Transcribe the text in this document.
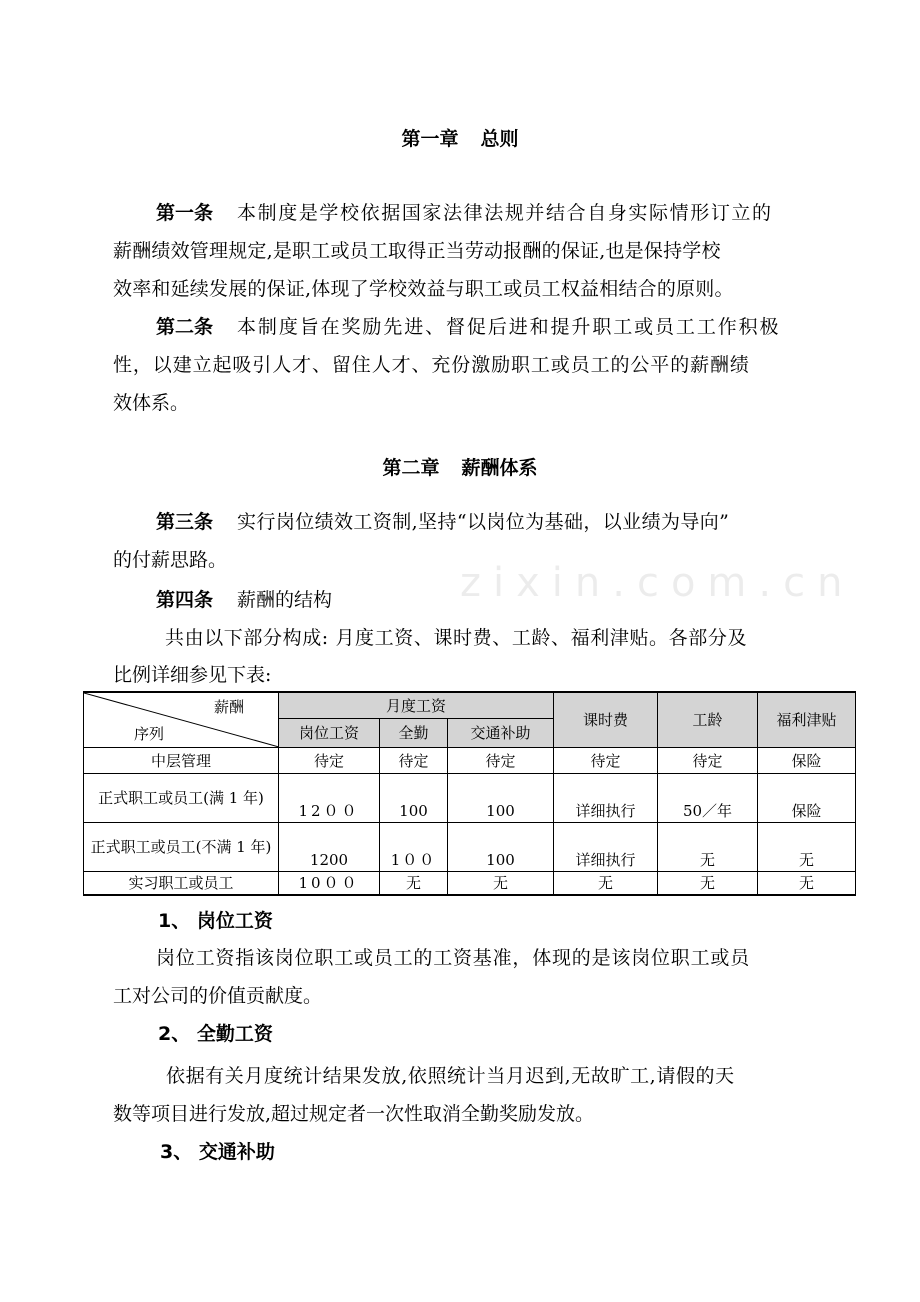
zixin.com.cn
第一章 总则
第一条 本制度是学校依据国家法律法规并结合自身实际情形订立的
薪酬绩效管理规定,是职工或员工取得正当劳动报酬的保证,也是保持学校
效率和延续发展的保证,体现了学校效益与职工或员工权益相结合的原则。
第二条 本制度旨在奖励先进、督促后进和提升职工或员工工作积极
性，以建立起吸引人才、留住人才、充份激励职工或员工的公平的薪酬绩
效体系。
第二章 薪酬体系
第三条 实行岗位绩效工资制,坚持“以岗位为基础，以业绩为导向”
的付薪思路。
第四条 薪酬的结构
共由以下部分构成: 月度工资、课时费、工龄、福利津贴。各部分及
比例详细参见下表:
薪酬
序列	月度工资			课时费	工龄	福利津贴
	岗位工资	全勤	交通补助			
中层管理	待定	待定	待定	待定	待定	保险
正式职工或员工(满 1 年)	12００	100	100	详细执行	50／年	保险
正式职工或员工(不满 1 年)	1200	1００	100	详细执行	无	无
实习职工或员工	10００	无	无	无	无	无
1、 岗位工资
岗位工资指该岗位职工或员工的工资基准，体现的是该岗位职工或员
工对公司的价值贡献度。
2、 全勤工资
依据有关月度统计结果发放,依照统计当月迟到,无故旷工,请假的天
数等项目进行发放,超过规定者一次性取消全勤奖励发放。
3、 交通补助
